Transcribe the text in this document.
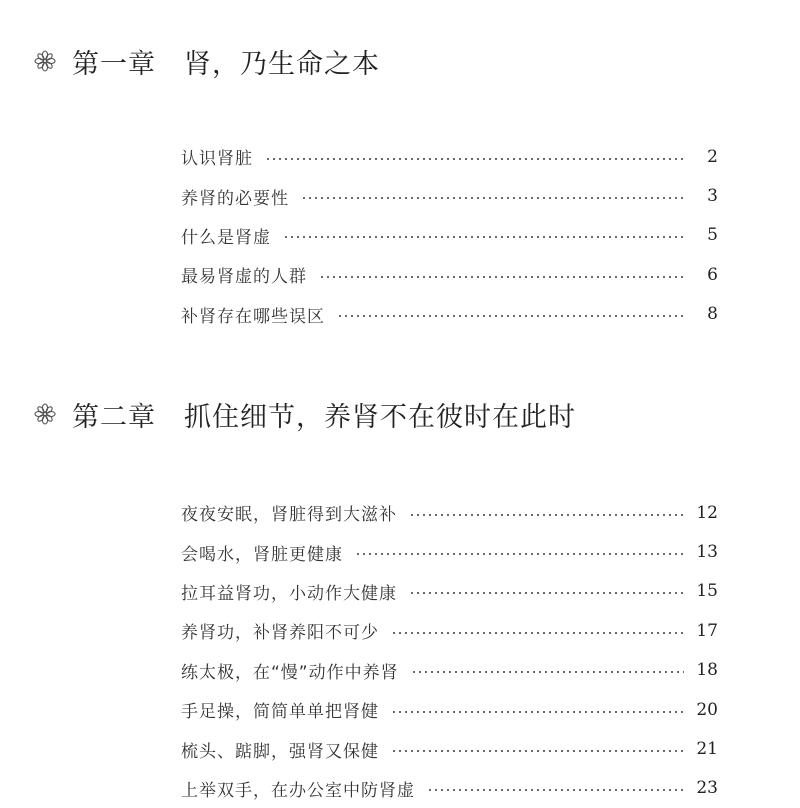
第一章 肾，乃生命之本
认识肾脏	2
养肾的必要性	3
什么是肾虚	5
最易肾虚的人群	6
补肾存在哪些误区	8
第二章 抓住细节，养肾不在彼时在此时
夜夜安眠，肾脏得到大滋补	12
会喝水，肾脏更健康	13
拉耳益肾功，小动作大健康	15
养肾功，补肾养阳不可少	17
练太极，在“慢”动作中养肾	18
手足操，简简单单把肾健	20
梳头、踮脚，强肾又保健	21
上举双手，在办公室中防肾虚	23
